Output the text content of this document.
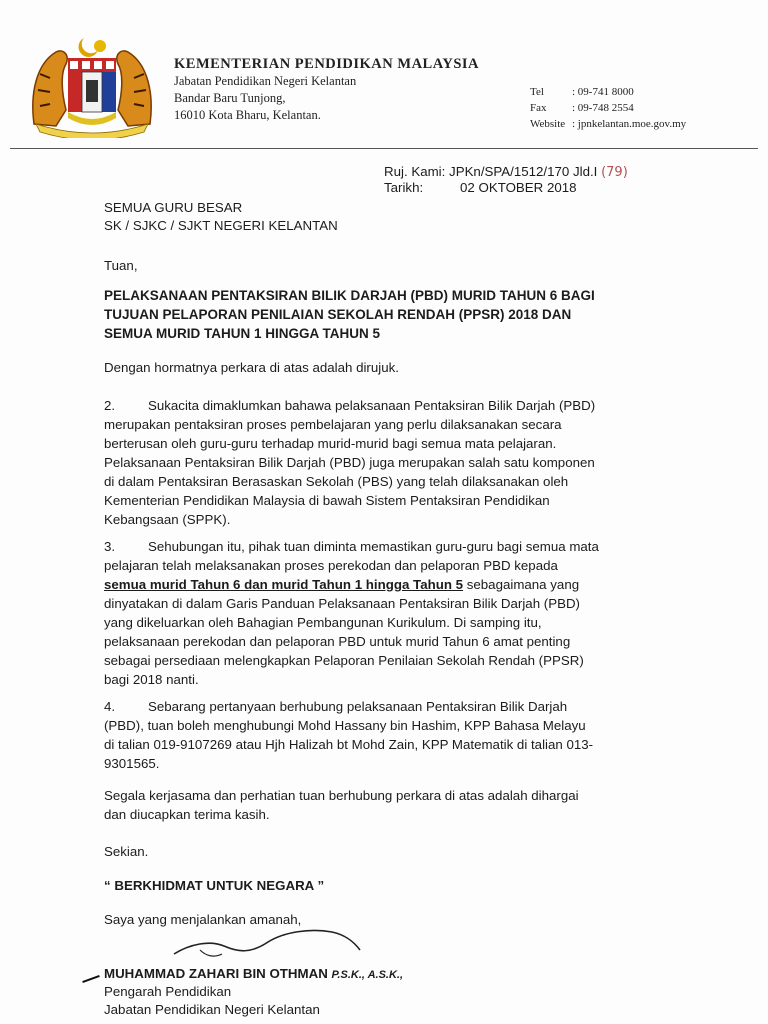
KEMENTERIAN PENDIDIKAN MALAYSIA
Jabatan Pendidikan Negeri Kelantan
Bandar Baru Tunjong,
16010 Kota Bharu, Kelantan.
Tel	: 09-741 8000
Fax : 09-748 2554
Website : jpnkelantan.moe.gov.my
Ruj. Kami: JPKn/SPA/1512/170 Jld.I (79)
Tarikh:	02 OKTOBER 2018
SEMUA GURU BESAR
SK / SJKC / SJKT NEGERI KELANTAN
Tuan,
PELAKSANAAN PENTAKSIRAN BILIK DARJAH (PBD) MURID TAHUN 6 BAGI
TUJUAN PELAPORAN PENILAIAN SEKOLAH RENDAH (PPSR) 2018 DAN
SEMUA MURID TAHUN 1 HINGGA TAHUN 5
Dengan hormatnya perkara di atas adalah dirujuk.
2. Sukacita dimaklumkan bahawa pelaksanaan Pentaksiran Bilik Darjah (PBD)
merupakan pentaksiran proses pembelajaran yang perlu dilaksanakan secara
berterusan oleh guru-guru terhadap murid-murid bagi semua mata pelajaran.
Pelaksanaan Pentaksiran Bilik Darjah (PBD) juga merupakan salah satu komponen
di dalam Pentaksiran Berasaskan Sekolah (PBS) yang telah dilaksanakan oleh
Kementerian Pendidikan Malaysia di bawah Sistem Pentaksiran Pendidikan
Kebangsaan (SPPK).
3. Sehubungan itu, pihak tuan diminta memastikan guru-guru bagi semua mata
pelajaran telah melaksanakan proses perekodan dan pelaporan PBD kepada
semua murid Tahun 6 dan murid Tahun 1 hingga Tahun 5 sebagaimana yang
dinyatakan di dalam Garis Panduan Pelaksanaan Pentaksiran Bilik Darjah (PBD)
yang dikeluarkan oleh Bahagian Pembangunan Kurikulum. Di samping itu,
pelaksanaan perekodan dan pelaporan PBD untuk murid Tahun 6 amat penting
sebagai persediaan melengkapkan Pelaporan Penilaian Sekolah Rendah (PPSR)
bagi 2018 nanti.
4. Sebarang pertanyaan berhubung pelaksanaan Pentaksiran Bilik Darjah
(PBD), tuan boleh menghubungi Mohd Hassany bin Hashim, KPP Bahasa Melayu
di talian 019-9107269 atau Hjh Halizah bt Mohd Zain, KPP Matematik di talian 013-
9301565.
Segala kerjasama dan perhatian tuan berhubung perkara di atas adalah dihargai
dan diucapkan terima kasih.
Sekian.
“ BERKHIDMAT UNTUK NEGARA ”
Saya yang menjalankan amanah,
MUHAMMAD ZAHARI BIN OTHMAN P.S.K., A.S.K.,
Pengarah Pendidikan
Jabatan Pendidikan Negeri Kelantan
